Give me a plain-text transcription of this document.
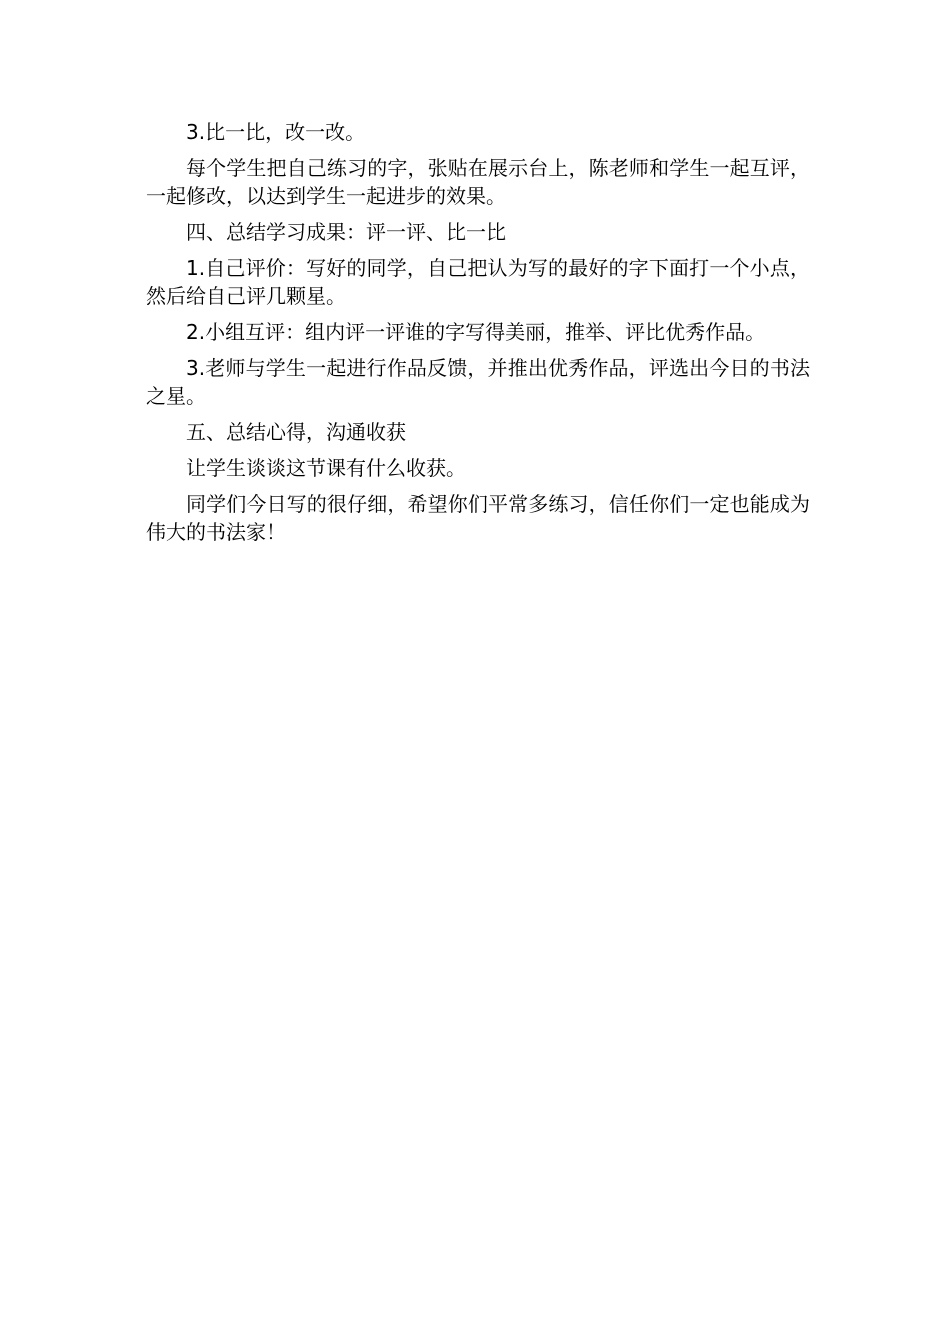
3.比一比，改一改。

每个学生把自己练习的字，张贴在展示台上，陈老师和学生一起互评，一起修改，以达到学生一起进步的效果。

四、总结学习成果：评一评、比一比

1.自己评价：写好的同学，自己把认为写的最好的字下面打一个小点，然后给自己评几颗星。

2.小组互评：组内评一评谁的字写得美丽，推举、评比优秀作品。

3.老师与学生一起进行作品反馈，并推出优秀作品，评选出今日的书法之星。

五、总结心得，沟通收获

让学生谈谈这节课有什么收获。

同学们今日写的很仔细，希望你们平常多练习，信任你们一定也能成为伟大的书法家！
